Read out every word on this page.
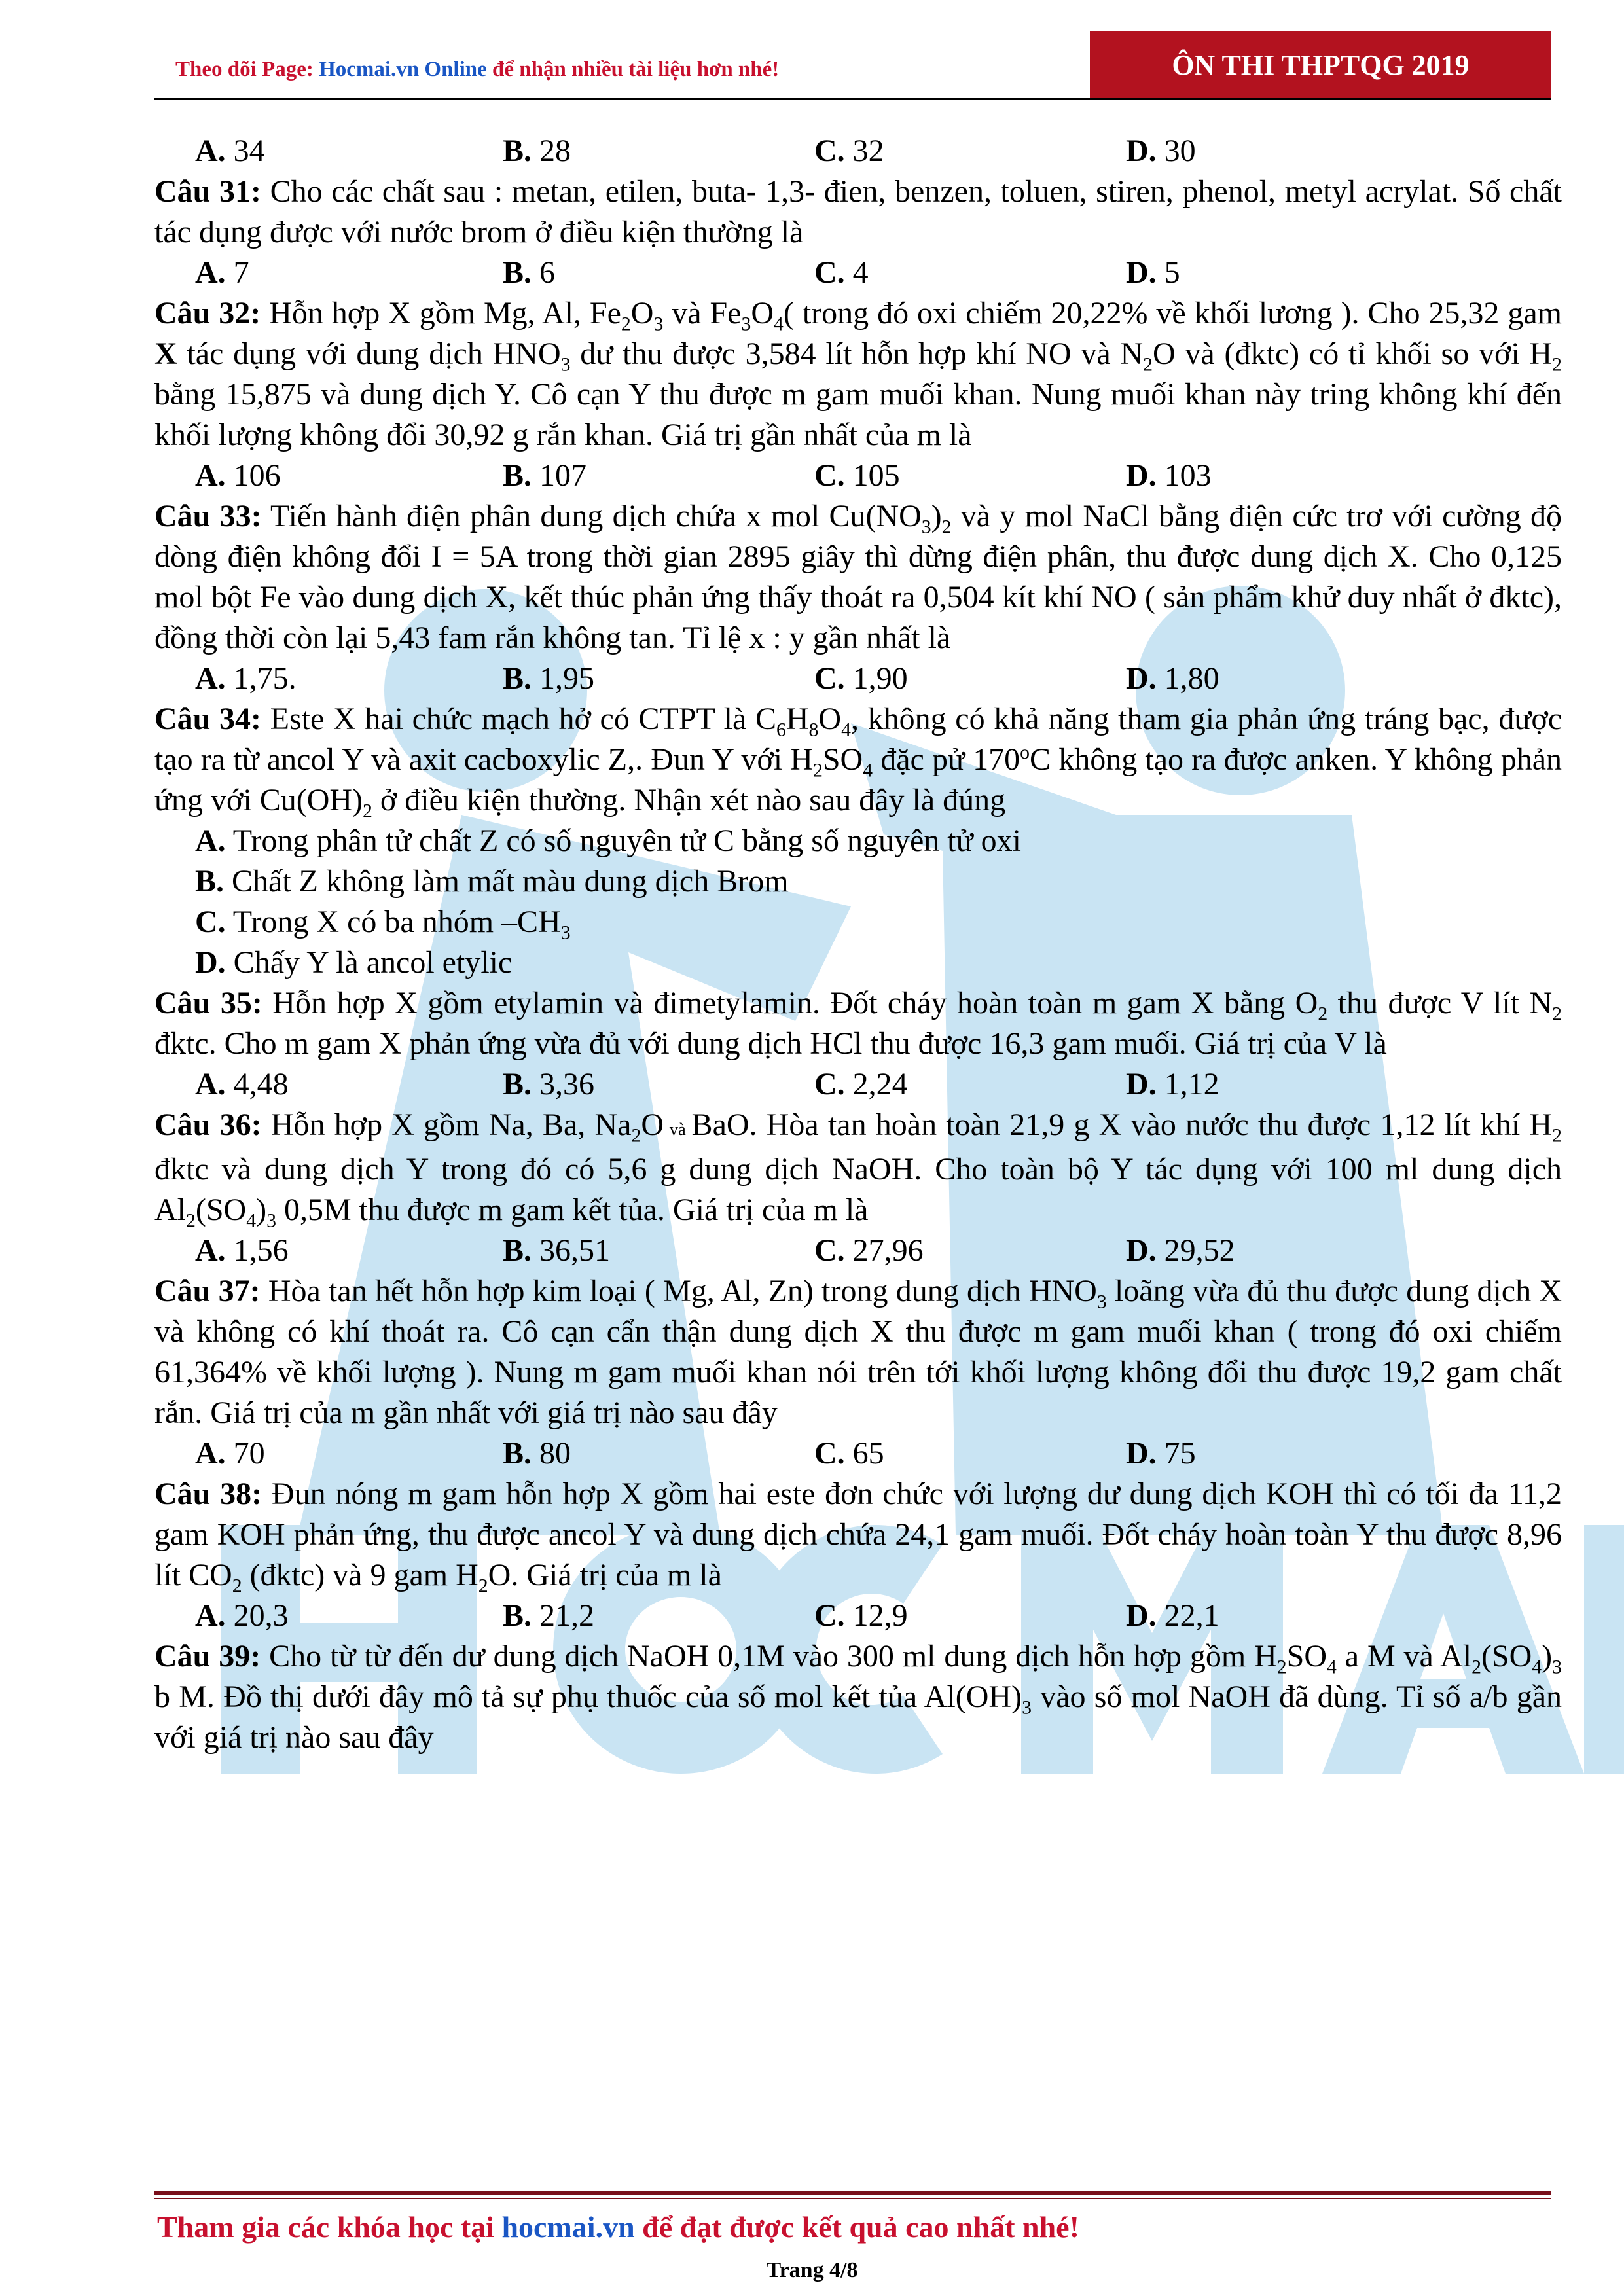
Theo dõi Page: Hocmai.vn Online để nhận nhiều tài liệu hơn nhé!	ÔN THI THPTQG 2019
A. 34	B. 28	C. 32	D. 30

Câu 31: Cho các chất sau : metan, etilen, buta- 1,3- đien, benzen, toluen, stiren, phenol, metyl acrylat. Số chất tác dụng được với nước brom ở điều kiện thường là

A. 7	B. 6	C. 4	D. 5

Câu 32: Hỗn hợp X gồm Mg, Al, $Fe_2O_3$ và $Fe_3O_4$( trong đó oxi chiếm 20,22% về khối lương ). Cho 25,32 gam X tác dụng với dung dịch $HNO_3$ dư thu được 3,584 lít hỗn hợp khí NO và $N_2O$ và (đktc) có tỉ khối so với $H_2$ bằng 15,875 và dung dịch Y. Cô cạn Y thu được m gam muối khan. Nung muối khan này tring không khí đến khối lượng không đổi 30,92 g rắn khan. Giá trị gần nhất của m là

A. 106	B. 107	C. 105	D. 103

Câu 33: Tiến hành điện phân dung dịch chứa x mol $Cu(NO_3)_2$ và y mol NaCl bằng điện cức trơ với cường độ dòng điện không đổi I = 5A trong thời gian 2895 giây thì dừng điện phân, thu được dung dịch X. Cho 0,125 mol bột Fe vào dung dịch X, kết thúc phản ứng thấy thoát ra 0,504 kít khí NO ( sản phẩm khử duy nhất ở đktc), đồng thời còn lại 5,43 fam rắn không tan. Tỉ lệ x : y gần nhất là

A. 1,75.	B. 1,95	C. 1,90	D. 1,80

Câu 34: Este X hai chức mạch hở có CTPT là $C_6H_8O_4$, không có khả năng tham gia phản ứng tráng bạc, được tạo ra từ ancol Y và axit cacboxylic Z,. Đun Y với $H_2SO_4$ đặc pử 170$^o$C không tạo ra được anken. Y không phản ứng với $Cu(OH)_2$ ở điều kiện thường. Nhận xét nào sau đây là đúng

A. Trong phân tử chất Z có số nguyên tử C bằng số nguyên tử oxi
B. Chất Z không làm mất màu dung dịch Brom
C. Trong X có ba nhóm $-CH_3$
D. Chấy Y là ancol etylic

Câu 35: Hỗn hợp X gồm etylamin và đimetylamin. Đốt cháy hoàn toàn m gam X bằng $O_2$ thu được V lít $N_2$ đktc. Cho m gam X phản ứng vừa đủ với dung dịch HCl thu được 16,3 gam muối. Giá trị của V là

A. 4,48	B. 3,36	C. 2,24	D. 1,12

Câu 36: Hỗn hợp X gồm Na, Ba, $Na_2O$ và BaO. Hòa tan hoàn toàn 21,9 g X vào nước thu được 1,12 lít khí $H_2$ đktc và dung dịch Y trong đó có 5,6 g dung dịch NaOH. Cho toàn bộ Y tác dụng với 100 ml dung dịch $Al_2(SO_4)_3$ 0,5M thu được m gam kết tủa. Giá trị của m là

A. 1,56	B. 36,51	C. 27,96	D. 29,52

Câu 37: Hòa tan hết hỗn hợp kim loại ( Mg, Al, Zn) trong dung dịch $HNO_3$ loãng vừa đủ thu được dung dịch X và không có khí thoát ra. Cô cạn cẩn thận dung dịch X thu được m gam muối khan ( trong đó oxi chiếm 61,364% về khối lượng ). Nung m gam muối khan nói trên tới khối lượng không đổi thu được 19,2 gam chất rắn. Giá trị của m gần nhất với giá trị nào sau đây

A. 70	B. 80	C. 65	D. 75

Câu 38: Đun nóng m gam hỗn hợp X gồm hai este đơn chức với lượng dư dung dịch KOH thì có tối đa 11,2 gam KOH phản ứng, thu được ancol Y và dung dịch chứa 24,1 gam muối. Đốt cháy hoàn toàn Y thu được 8,96 lít $CO_2$ (đktc) và 9 gam $H_2O$. Giá trị của m là

A. 20,3	B. 21,2	C. 12,9	D. 22,1

Câu 39: Cho từ từ đến dư dung dịch NaOH 0,1M vào 300 ml dung dịch hỗn hợp gồm $H_2SO_4$ a M và $Al_2(SO_4)_3$ b M. Đồ thị dưới đây mô tả sự phụ thuốc của số mol kết tủa $Al(OH)_3$ vào số mol NaOH đã dùng. Tỉ số a/b gần với giá trị nào sau đây

Tham gia các khóa học tại hocmai.vn để đạt được kết quả cao nhất nhé!
Trang 4/8
